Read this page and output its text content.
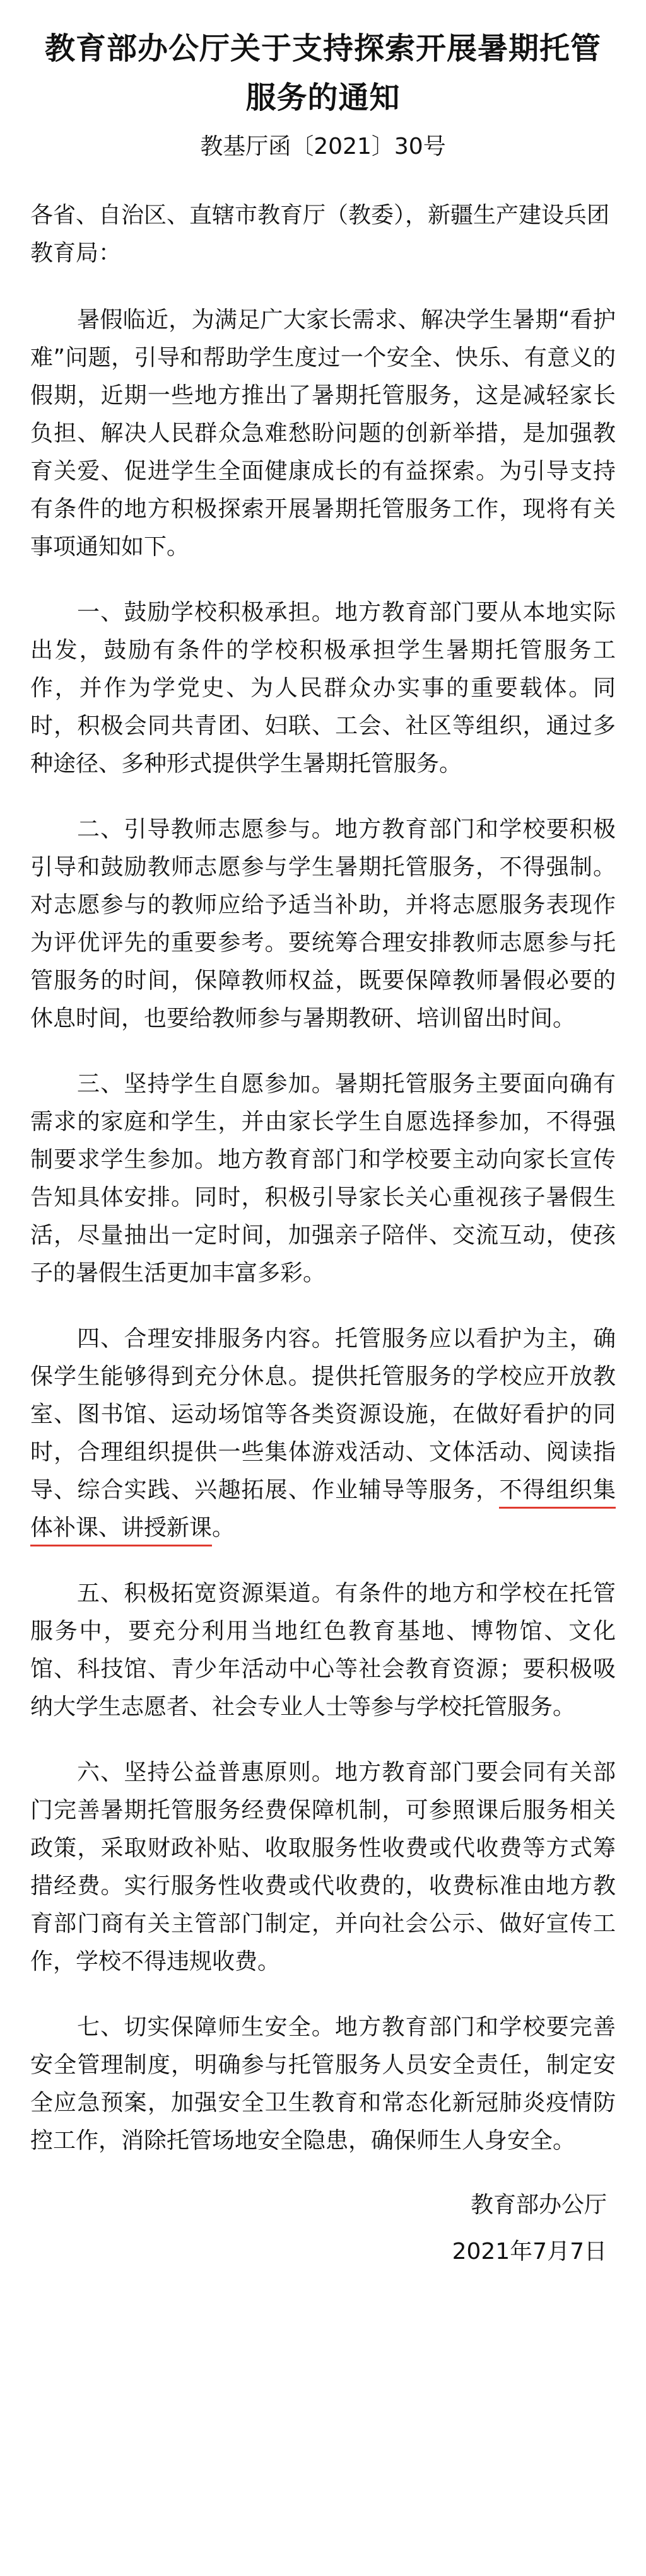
教育部办公厅关于支持探索开展暑期托管服务的通知
教基厅函〔2021〕30号

各省、自治区、直辖市教育厅（教委），新疆生产建设兵团教育局：

暑假临近，为满足广大家长需求、解决学生暑期“看护难”问题，引导和帮助学生度过一个安全、快乐、有意义的假期，近期一些地方推出了暑期托管服务，这是减轻家长负担、解决人民群众急难愁盼问题的创新举措，是加强教育关爱、促进学生全面健康成长的有益探索。为引导支持有条件的地方积极探索开展暑期托管服务工作，现将有关事项通知如下。

一、鼓励学校积极承担。地方教育部门要从本地实际出发，鼓励有条件的学校积极承担学生暑期托管服务工作，并作为学党史、为人民群众办实事的重要载体。同时，积极会同共青团、妇联、工会、社区等组织，通过多种途径、多种形式提供学生暑期托管服务。

二、引导教师志愿参与。地方教育部门和学校要积极引导和鼓励教师志愿参与学生暑期托管服务，不得强制。对志愿参与的教师应给予适当补助，并将志愿服务表现作为评优评先的重要参考。要统筹合理安排教师志愿参与托管服务的时间，保障教师权益，既要保障教师暑假必要的休息时间，也要给教师参与暑期教研、培训留出时间。

三、坚持学生自愿参加。暑期托管服务主要面向确有需求的家庭和学生，并由家长学生自愿选择参加，不得强制要求学生参加。地方教育部门和学校要主动向家长宣传告知具体安排。同时，积极引导家长关心重视孩子暑假生活，尽量抽出一定时间，加强亲子陪伴、交流互动，使孩子的暑假生活更加丰富多彩。

四、合理安排服务内容。托管服务应以看护为主，确保学生能够得到充分休息。提供托管服务的学校应开放教室、图书馆、运动场馆等各类资源设施，在做好看护的同时，合理组织提供一些集体游戏活动、文体活动、阅读指导、综合实践、兴趣拓展、作业辅导等服务，不得组织集体补课、讲授新课。

五、积极拓宽资源渠道。有条件的地方和学校在托管服务中，要充分利用当地红色教育基地、博物馆、文化馆、科技馆、青少年活动中心等社会教育资源；要积极吸纳大学生志愿者、社会专业人士等参与学校托管服务。

六、坚持公益普惠原则。地方教育部门要会同有关部门完善暑期托管服务经费保障机制，可参照课后服务相关政策，采取财政补贴、收取服务性收费或代收费等方式筹措经费。实行服务性收费或代收费的，收费标准由地方教育部门商有关主管部门制定，并向社会公示、做好宣传工作，学校不得违规收费。

七、切实保障师生安全。地方教育部门和学校要完善安全管理制度，明确参与托管服务人员安全责任，制定安全应急预案，加强安全卫生教育和常态化新冠肺炎疫情防控工作，消除托管场地安全隐患，确保师生人身安全。

教育部办公厅
2021年7月7日
